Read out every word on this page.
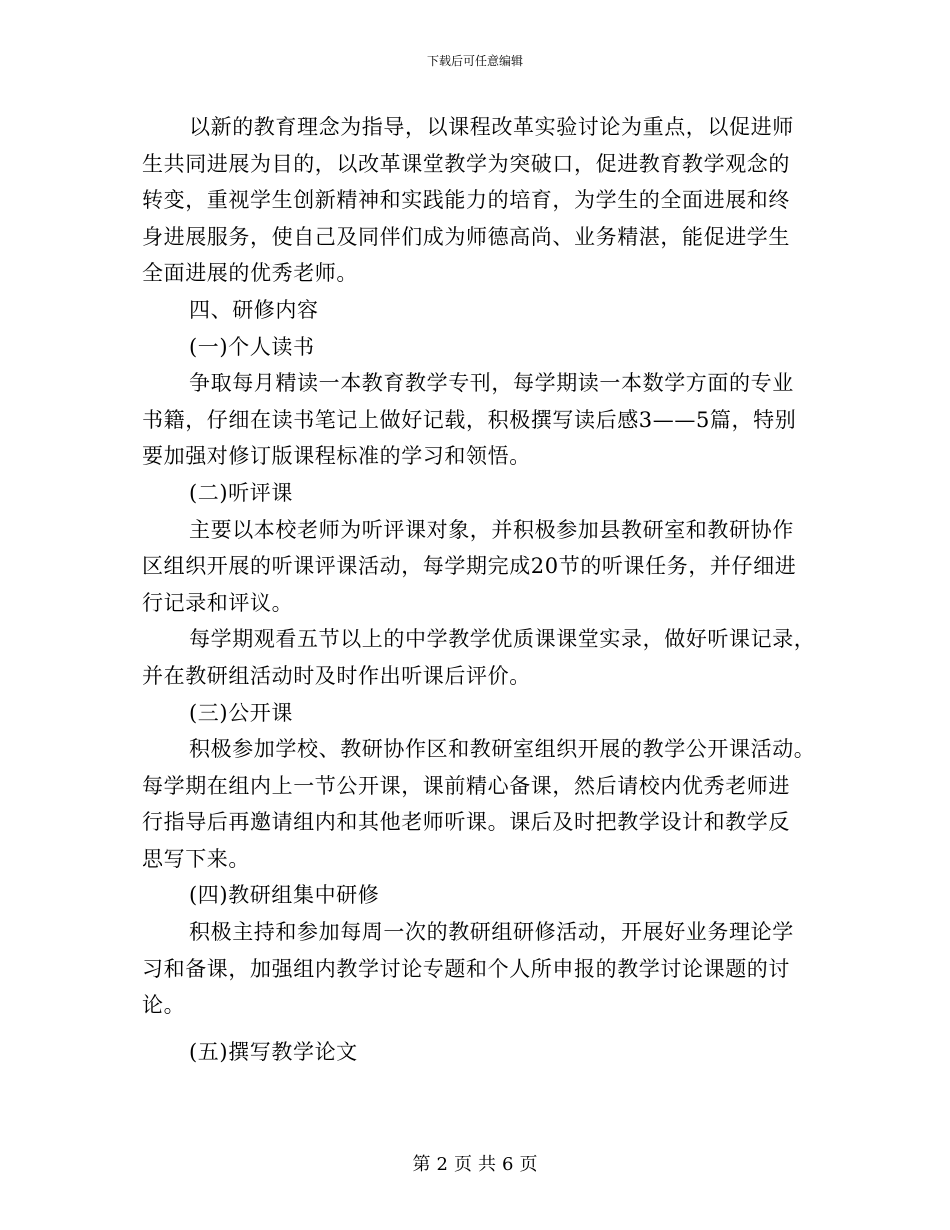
下载后可任意编辑
以新的教育理念为指导，以课程改革实验讨论为重点，以促进师
生共同进展为目的，以改革课堂教学为突破口，促进教育教学观念的
转变，重视学生创新精神和实践能力的培育，为学生的全面进展和终
身进展服务，使自己及同伴们成为师德高尚、业务精湛，能促进学生
全面进展的优秀老师。
四、研修内容
(一)个人读书
争取每月精读一本教育教学专刊，每学期读一本数学方面的专业
书籍，仔细在读书笔记上做好记载，积极撰写读后感3——5篇，特别
要加强对修订版课程标准的学习和领悟。
(二)听评课
主要以本校老师为听评课对象，并积极参加县教研室和教研协作
区组织开展的听课评课活动，每学期完成20节的听课任务，并仔细进
行记录和评议。
每学期观看五节以上的中学教学优质课课堂实录，做好听课记录，
并在教研组活动时及时作出听课后评价。
(三)公开课
积极参加学校、教研协作区和教研室组织开展的教学公开课活动。
每学期在组内上一节公开课，课前精心备课，然后请校内优秀老师进
行指导后再邀请组内和其他老师听课。课后及时把教学设计和教学反
思写下来。
(四)教研组集中研修
积极主持和参加每周一次的教研组研修活动，开展好业务理论学
习和备课，加强组内教学讨论专题和个人所申报的教学讨论课题的讨
论。
(五)撰写教学论文
第 2 页 共 6 页
